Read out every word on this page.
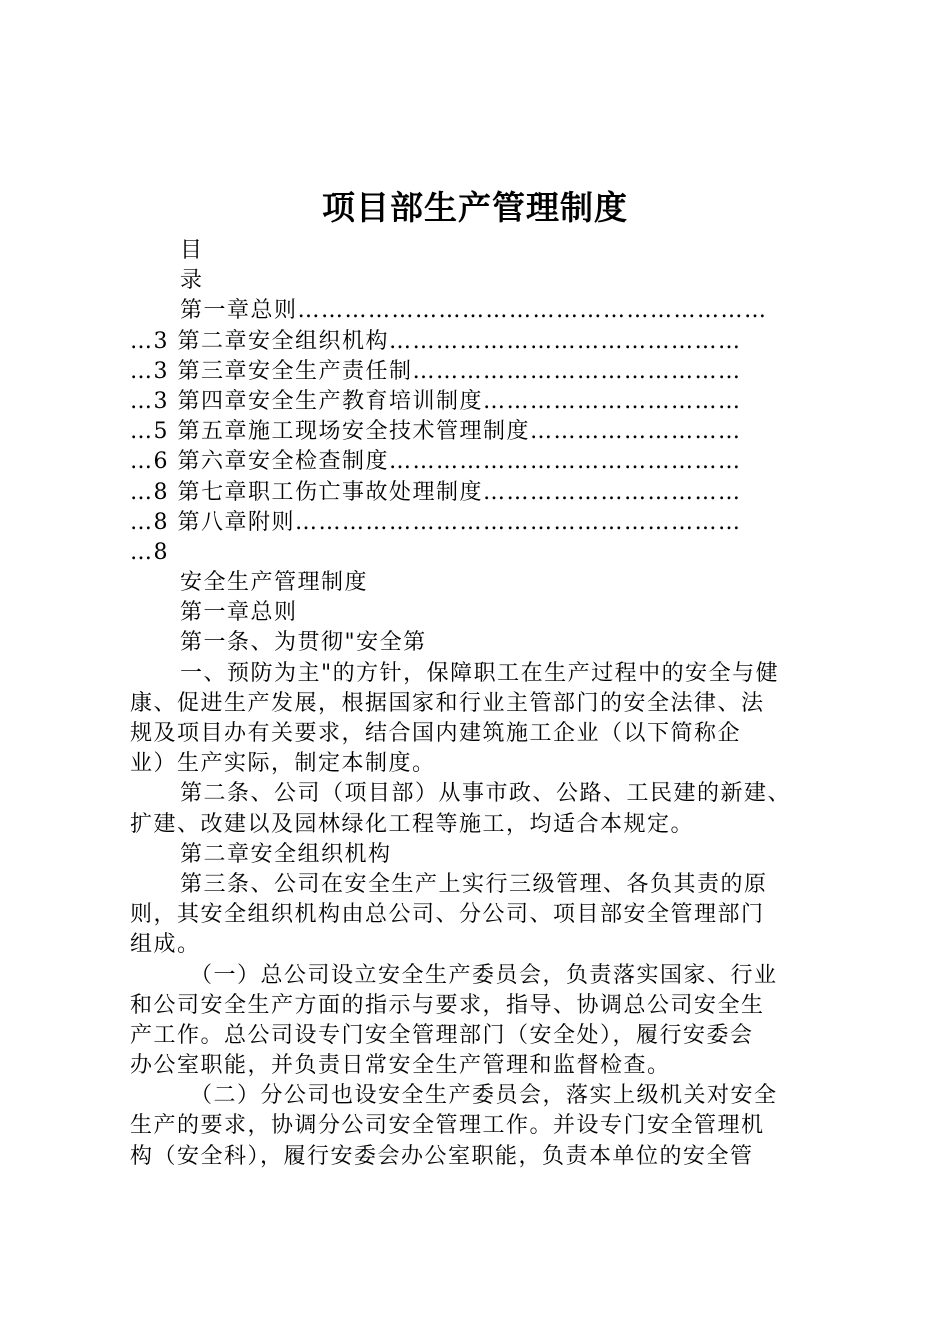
项目部生产管理制度
目
录
第一章总则……………………………………………………
…3 第二章安全组织机构………………………………………
…3 第三章安全生产责任制……………………………………
…3 第四章安全生产教育培训制度……………………………
…5 第五章施工现场安全技术管理制度………………………
…6 第六章安全检查制度………………………………………
…8 第七章职工伤亡事故处理制度……………………………
…8 第八章附则…………………………………………………
…8
安全生产管理制度
第一章总则
第一条、为贯彻"安全第
一、预防为主"的方针，保障职工在生产过程中的安全与健
康、促进生产发展，根据国家和行业主管部门的安全法律、法
规及项目办有关要求，结合国内建筑施工企业（以下简称企
业）生产实际，制定本制度。
第二条、公司（项目部）从事市政、公路、工民建的新建、
扩建、改建以及园林绿化工程等施工，均适合本规定。
第二章安全组织机构
第三条、公司在安全生产上实行三级管理、各负其责的原
则，其安全组织机构由总公司、分公司、项目部安全管理部门
组成。
（一）总公司设立安全生产委员会，负责落实国家、行业
和公司安全生产方面的指示与要求，指导、协调总公司安全生
产工作。总公司设专门安全管理部门（安全处），履行安委会
办公室职能，并负责日常安全生产管理和监督检查。
（二）分公司也设安全生产委员会，落实上级机关对安全
生产的要求，协调分公司安全管理工作。并设专门安全管理机
构（安全科），履行安委会办公室职能，负责本单位的安全管
